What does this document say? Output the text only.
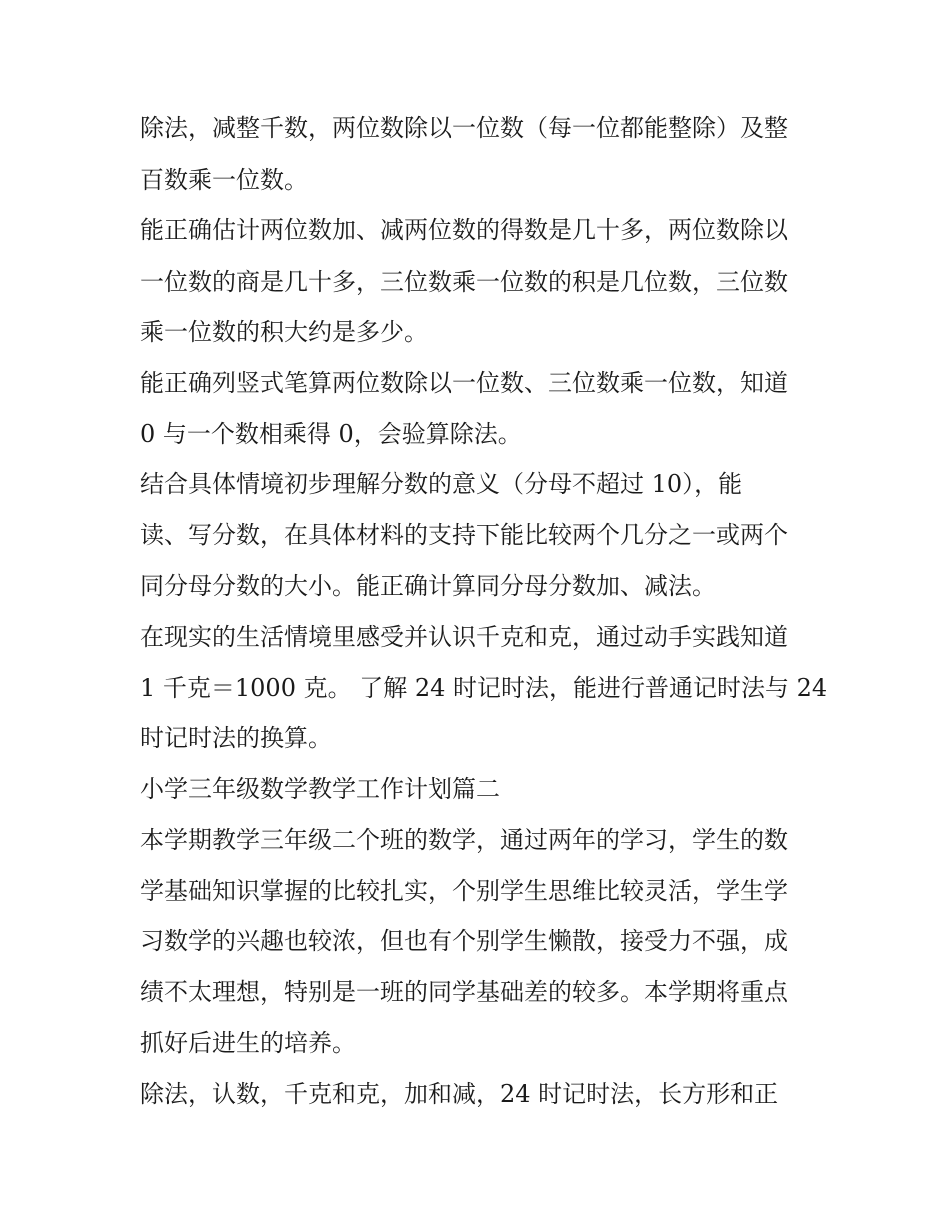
除法，减整千数，两位数除以一位数（每一位都能整除）及整
百数乘一位数。
能正确估计两位数加、减两位数的得数是几十多，两位数除以
一位数的商是几十多，三位数乘一位数的积是几位数，三位数
乘一位数的积大约是多少。
能正确列竖式笔算两位数除以一位数、三位数乘一位数，知道
0 与一个数相乘得 0，会验算除法。
结合具体情境初步理解分数的意义（分母不超过 10），能
读、写分数，在具体材料的支持下能比较两个几分之一或两个
同分母分数的大小。能正确计算同分母分数加、减法。
在现实的生活情境里感受并认识千克和克，通过动手实践知道
1 千克＝1000 克。 了解 24 时记时法，能进行普通记时法与 24
时记时法的换算。
小学三年级数学教学工作计划篇二
本学期教学三年级二个班的数学，通过两年的学习，学生的数
学基础知识掌握的比较扎实，个别学生思维比较灵活，学生学
习数学的兴趣也较浓，但也有个别学生懒散，接受力不强，成
绩不太理想，特别是一班的同学基础差的较多。本学期将重点
抓好后进生的培养。
除法，认数，千克和克，加和减，24 时记时法，长方形和正
